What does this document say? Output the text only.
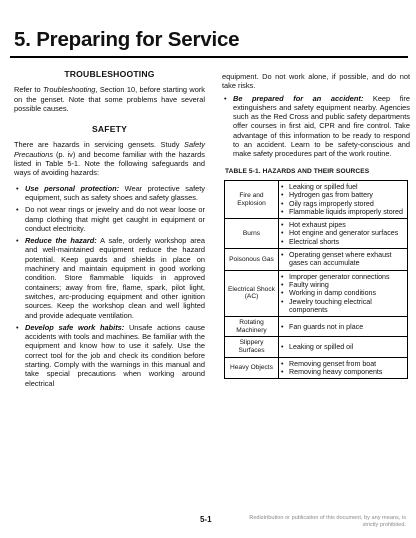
5. Preparing for Service
TROUBLESHOOTING

Refer to Troubleshooting, Section 10, before starting work on the genset. Note that some problems have several possible causes.

SAFETY

There are hazards in servicing gensets. Study Safety Precautions (p. iv) and become familiar with the hazards listed in Table 5-1. Note the following safeguards and ways of avoiding hazards:

• Use personal protection: Wear protective safety equipment, such as safety shoes and safety glasses.
• Do not wear rings or jewelry and do not wear loose or damp clothing that might get caught in equipment or conduct electricity.
• Reduce the hazard: A safe, orderly workshop area and well-maintained equipment reduce the hazard potential. Keep guards and shields in place on machinery and maintain equipment in good working condition. Store flammable liquids in approved containers; away from fire, flame, spark, pilot light, switches, arc-producing equipment and other ignition sources. Keep the workshop clean and well lighted and provide adequate ventilation.
• Develop safe work habits: Unsafe actions cause accidents with tools and machines. Be familiar with the equipment and know how to use it safely. Use the correct tool for the job and check its condition before starting. Comply with the warnings in this manual and take special precautions when working around electrical

equipment. Do not work alone, if possible, and do not take risks.

• Be prepared for an accident: Keep fire extinguishers and safety equipment nearby. Agencies such as the Red Cross and public safety departments offer courses in first aid, CPR and fire control. Take advantage of this information to be ready to respond to an accident. Learn to be safety-conscious and make safety procedures part of the work routine.
TABLE 5-1. HAZARDS AND THEIR SOURCES
Fire and Explosion	• Leaking or spilled fuel
• Hydrogen gas from battery
• Oily rags improperly stored
• Flammable liquids improperly stored

Burns	• Hot exhaust pipes
• Hot engine and generator surfaces
• Electrical shorts

Poisonous Gas	• Operating genset where exhaust gases can accumulate

Electrical Shock (AC)	• Improper generator connections
• Faulty wiring
• Working in damp conditions
• Jewelry touching electrical components

Rotating Machinery	• Fan guards not in place

Slippery Surfaces	• Leaking or spilled oil

Heavy Objects	• Removing genset from boat
• Removing heavy components
5-1	Redistribution or publication of this document, by any means, is strictly prohibited.
